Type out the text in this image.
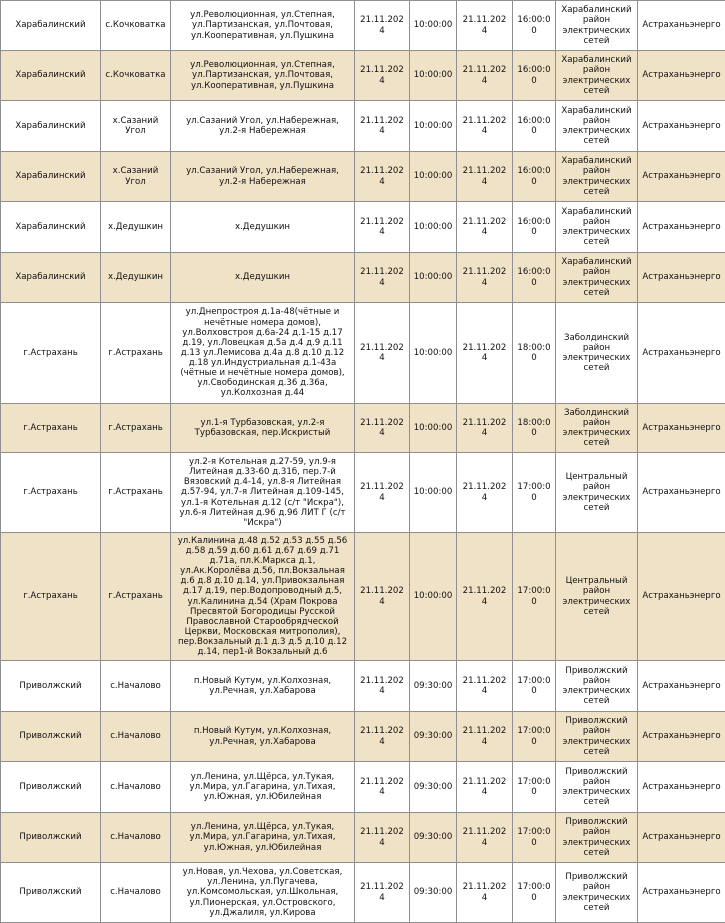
Харабалинский	с.Кочковатка	ул.Революционная, ул.Степная, ул.Партизанская, ул.Почтовая, ул.Кооперативная, ул.Пушкина	21.11.2024	10:00:00	21.11.2024	16:00:00	Харабалинский район электрических сетей	Астраханьэнерго
Харабалинский	с.Кочковатка	ул.Революционная, ул.Степная, ул.Партизанская, ул.Почтовая, ул.Кооперативная, ул.Пушкина	21.11.2024	10:00:00	21.11.2024	16:00:00	Харабалинский район электрических сетей	Астраханьэнерго
Харабалинский	х.Сазаний Угол	ул.Сазаний Угол, ул.Набережная, ул.2-я Набережная	21.11.2024	10:00:00	21.11.2024	16:00:00	Харабалинский район электрических сетей	Астраханьэнерго
Харабалинский	х.Сазаний Угол	ул.Сазаний Угол, ул.Набережная, ул.2-я Набережная	21.11.2024	10:00:00	21.11.2024	16:00:00	Харабалинский район электрических сетей	Астраханьэнерго
Харабалинский	х.Дедушкин	х.Дедушкин	21.11.2024	10:00:00	21.11.2024	16:00:00	Харабалинский район электрических сетей	Астраханьэнерго
Харабалинский	х.Дедушкин	х.Дедушкин	21.11.2024	10:00:00	21.11.2024	16:00:00	Харабалинский район электрических сетей	Астраханьэнерго
г.Астрахань	г.Астрахань	ул.Днепростроя д.1а-48(чётные и нечётные номера домов), ул.Волховстроя д.6а-24 д.1-15 д.17 д.19, ул.Ловецкая д.5а д.4 д.9 д.11 д.13 ул.Лемисова д.4а д.8 д.10 д.12 д.18 ул.Индустриальная д.1-43а (чётные и нечётные номера домов), ул.Свободинская д.36 д.36а, ул.Колхозная д.44	21.11.2024	10:00:00	21.11.2024	18:00:00	Заболдинский район электрических сетей	Астраханьэнерго
г.Астрахань	г.Астрахань	ул.1-я Турбазовская, ул.2-я Турбазовская, пер.Искристый	21.11.2024	10:00:00	21.11.2024	18:00:00	Заболдинский район электрических сетей	Астраханьэнерго
г.Астрахань	г.Астрахань	ул.2-я Котельная д.27-59, ул.9-я Литейная д.33-60 д.31б, пер.7-й Вязовский д.4-14, ул.8-я Литейная д.57-94, ул.7-я Литейная д.109-145, ул.1-я Котельная д.12 (с/т "Искра"), ул.6-я Литейная д.96 д.96 ЛИТ Г (с/т "Искра")	21.11.2024	10:00:00	21.11.2024	17:00:00	Центральный район электрических сетей	Астраханьэнерго
г.Астрахань	г.Астрахань	ул.Калинина д.48 д.52 д.53 д.55 д.56 д.58 д.59 д.60 д.61 д.67 д.69 д.71 д.71а, пл.К.Маркса д.1, ул.Ак.Королёва д.56, пл.Вокзальная д.6 д.8 д.10 д.14, ул.Привокзальная д.17 д.19, пер.Водопроводный д.5, ул.Калинина д.54 (Храм Покрова Пресвятой Богородицы Русской Православной Старообрядческой Церкви, Московская митрополия), пер.Вокзальный д.1 д.3 д.5 д.10 д.12 д.14, пер1-й Вокзальный д.6	21.11.2024	10:00:00	21.11.2024	17:00:00	Центральный район электрических сетей	Астраханьэнерго
Приволжский	с.Началово	п.Новый Кутум, ул.Колхозная, ул.Речная, ул.Хабарова	21.11.2024	09:30:00	21.11.2024	17:00:00	Приволжский район электрических сетей	Астраханьэнерго
Приволжский	с.Началово	п.Новый Кутум, ул.Колхозная, ул.Речная, ул.Хабарова	21.11.2024	09:30:00	21.11.2024	17:00:00	Приволжский район электрических сетей	Астраханьэнерго
Приволжский	с.Началово	ул.Ленина, ул.Щёрса, ул.Тукая, ул.Мира, ул.Гагарина, ул.Тихая, ул.Южная, ул.Юбилейная	21.11.2024	09:30:00	21.11.2024	17:00:00	Приволжский район электрических сетей	Астраханьэнерго
Приволжский	с.Началово	ул.Ленина, ул.Щёрса, ул.Тукая, ул.Мира, ул.Гагарина, ул.Тихая, ул.Южная, ул.Юбилейная	21.11.2024	09:30:00	21.11.2024	17:00:00	Приволжский район электрических сетей	Астраханьэнерго
Приволжский	с.Началово	ул.Новая, ул.Чехова, ул.Советская, ул.Ленина, ул.Пугачева, ул.Комсомольская, ул.Школьная, ул.Пионерская, ул.Островского, ул.Джалиля, ул.Кирова	21.11.2024	09:30:00	21.11.2024	17:00:00	Приволжский район электрических сетей	Астраханьэнерго
